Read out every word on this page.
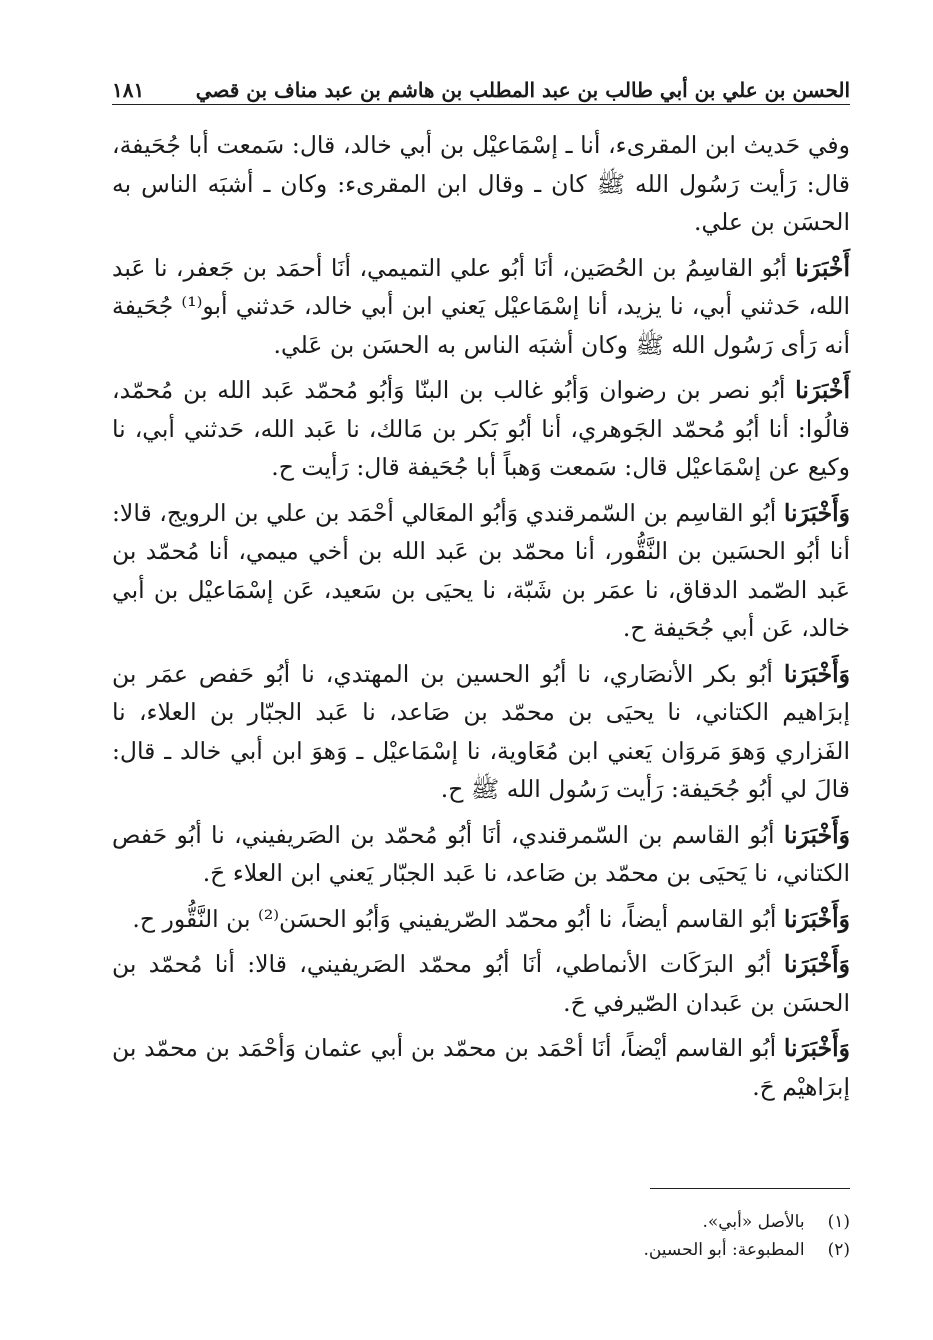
الحسن بن علي بن أبي طالب بن عبد المطلب بن هاشم بن عبد مناف بن قصي
١٨١

وفي حَديث ابن المقرىء، أنا ـ إسْمَاعيْل بن أبي خالد، قال: سَمعت أبا جُحَيفة، قال: رَأيت رَسُول الله ﷺ كان ـ وقال ابن المقرىء: وكان ـ أشبَه الناس به الحسَن بن علي.

أَخْبَرَنا أبُو القاسِمُ بن الحُصَين، أنَا أبُو علي التميمي، أنَا أحمَد بن جَعفر، نا عَبد الله، حَدثني أبي، نا يزيد، أنا إسْمَاعيْل يَعني ابن أبي خالد، حَدثني أبو⁽¹⁾ جُحَيفة أنه رَأى رَسُول الله ﷺ وكان أشبَه الناس به الحسَن بن عَلي.

أَخْبَرَنا أبُو نصر بن رضوان وَأبُو غالب بن البنّا وَأبُو مُحمّد عَبد الله بن مُحمّد، قالُوا: أنا أبُو مُحمّد الجَوهري، أنا أبُو بَكر بن مَالك، نا عَبد الله، حَدثني أبي، نا وكيع عن إسْمَاعيْل قال: سَمعت وَهباً أبا جُحَيفة قال: رَأيت ح.

وَأَخْبَرَنا أبُو القاسِم بن السّمرقندي وَأبُو المعَالي أحْمَد بن علي بن الرويج، قالا: أنا أبُو الحسَين بن النَّقُّور، أنا محمّد بن عَبد الله بن أخي ميمي، أنا مُحمّد بن عَبد الصّمد الدقاق، نا عمَر بن شَبّة، نا يحيَى بن سَعيد، عَن إسْمَاعيْل بن أبي خالد، عَن أبي جُحَيفة ح.

وَأَخْبَرَنا أبُو بكر الأنصَاري، نا أبُو الحسين بن المهتدي، نا أبُو حَفص عمَر بن إبرَاهيم الكتاني، نا يحيَى بن محمّد بن صَاعد، نا عَبد الجبّار بن العلاء، نا الفَزاري وَهوَ مَروَان يَعني ابن مُعَاوية، نا إسْمَاعيْل ـ وَهوَ ابن أبي خالد ـ قال: قالَ لي أبُو جُحَيفة: رَأيت رَسُول الله ﷺ ح.

وَأَخْبَرَنا أبُو القاسم بن السّمرقندي، أنَا أبُو مُحمّد بن الصَريفيني، نا أبُو حَفص الكتاني، نا يَحيَى بن محمّد بن صَاعد، نا عَبد الجبّار يَعني ابن العلاء حَ.

وَأَخْبَرَنا أبُو القاسم أيضاً، نا أبُو محمّد الصّريفيني وَأبُو الحسَن⁽²⁾ بن النَّقُّور ح.

وَأَخْبَرَنا أبُو البرَكَات الأنماطي، أنَا أبُو محمّد الصَريفيني، قالا: أنا مُحمّد بن الحسَن بن عَبدان الصّيرفي حَ.

وَأَخْبَرَنا أبُو القاسم أيْضاً، أنَا أحْمَد بن محمّد بن أبي عثمان وَأحْمَد بن محمّد بن إبرَاهيْم حَ.

(١) بالأصل «أبي».
(٢) المطبوعة: أبو الحسين.
